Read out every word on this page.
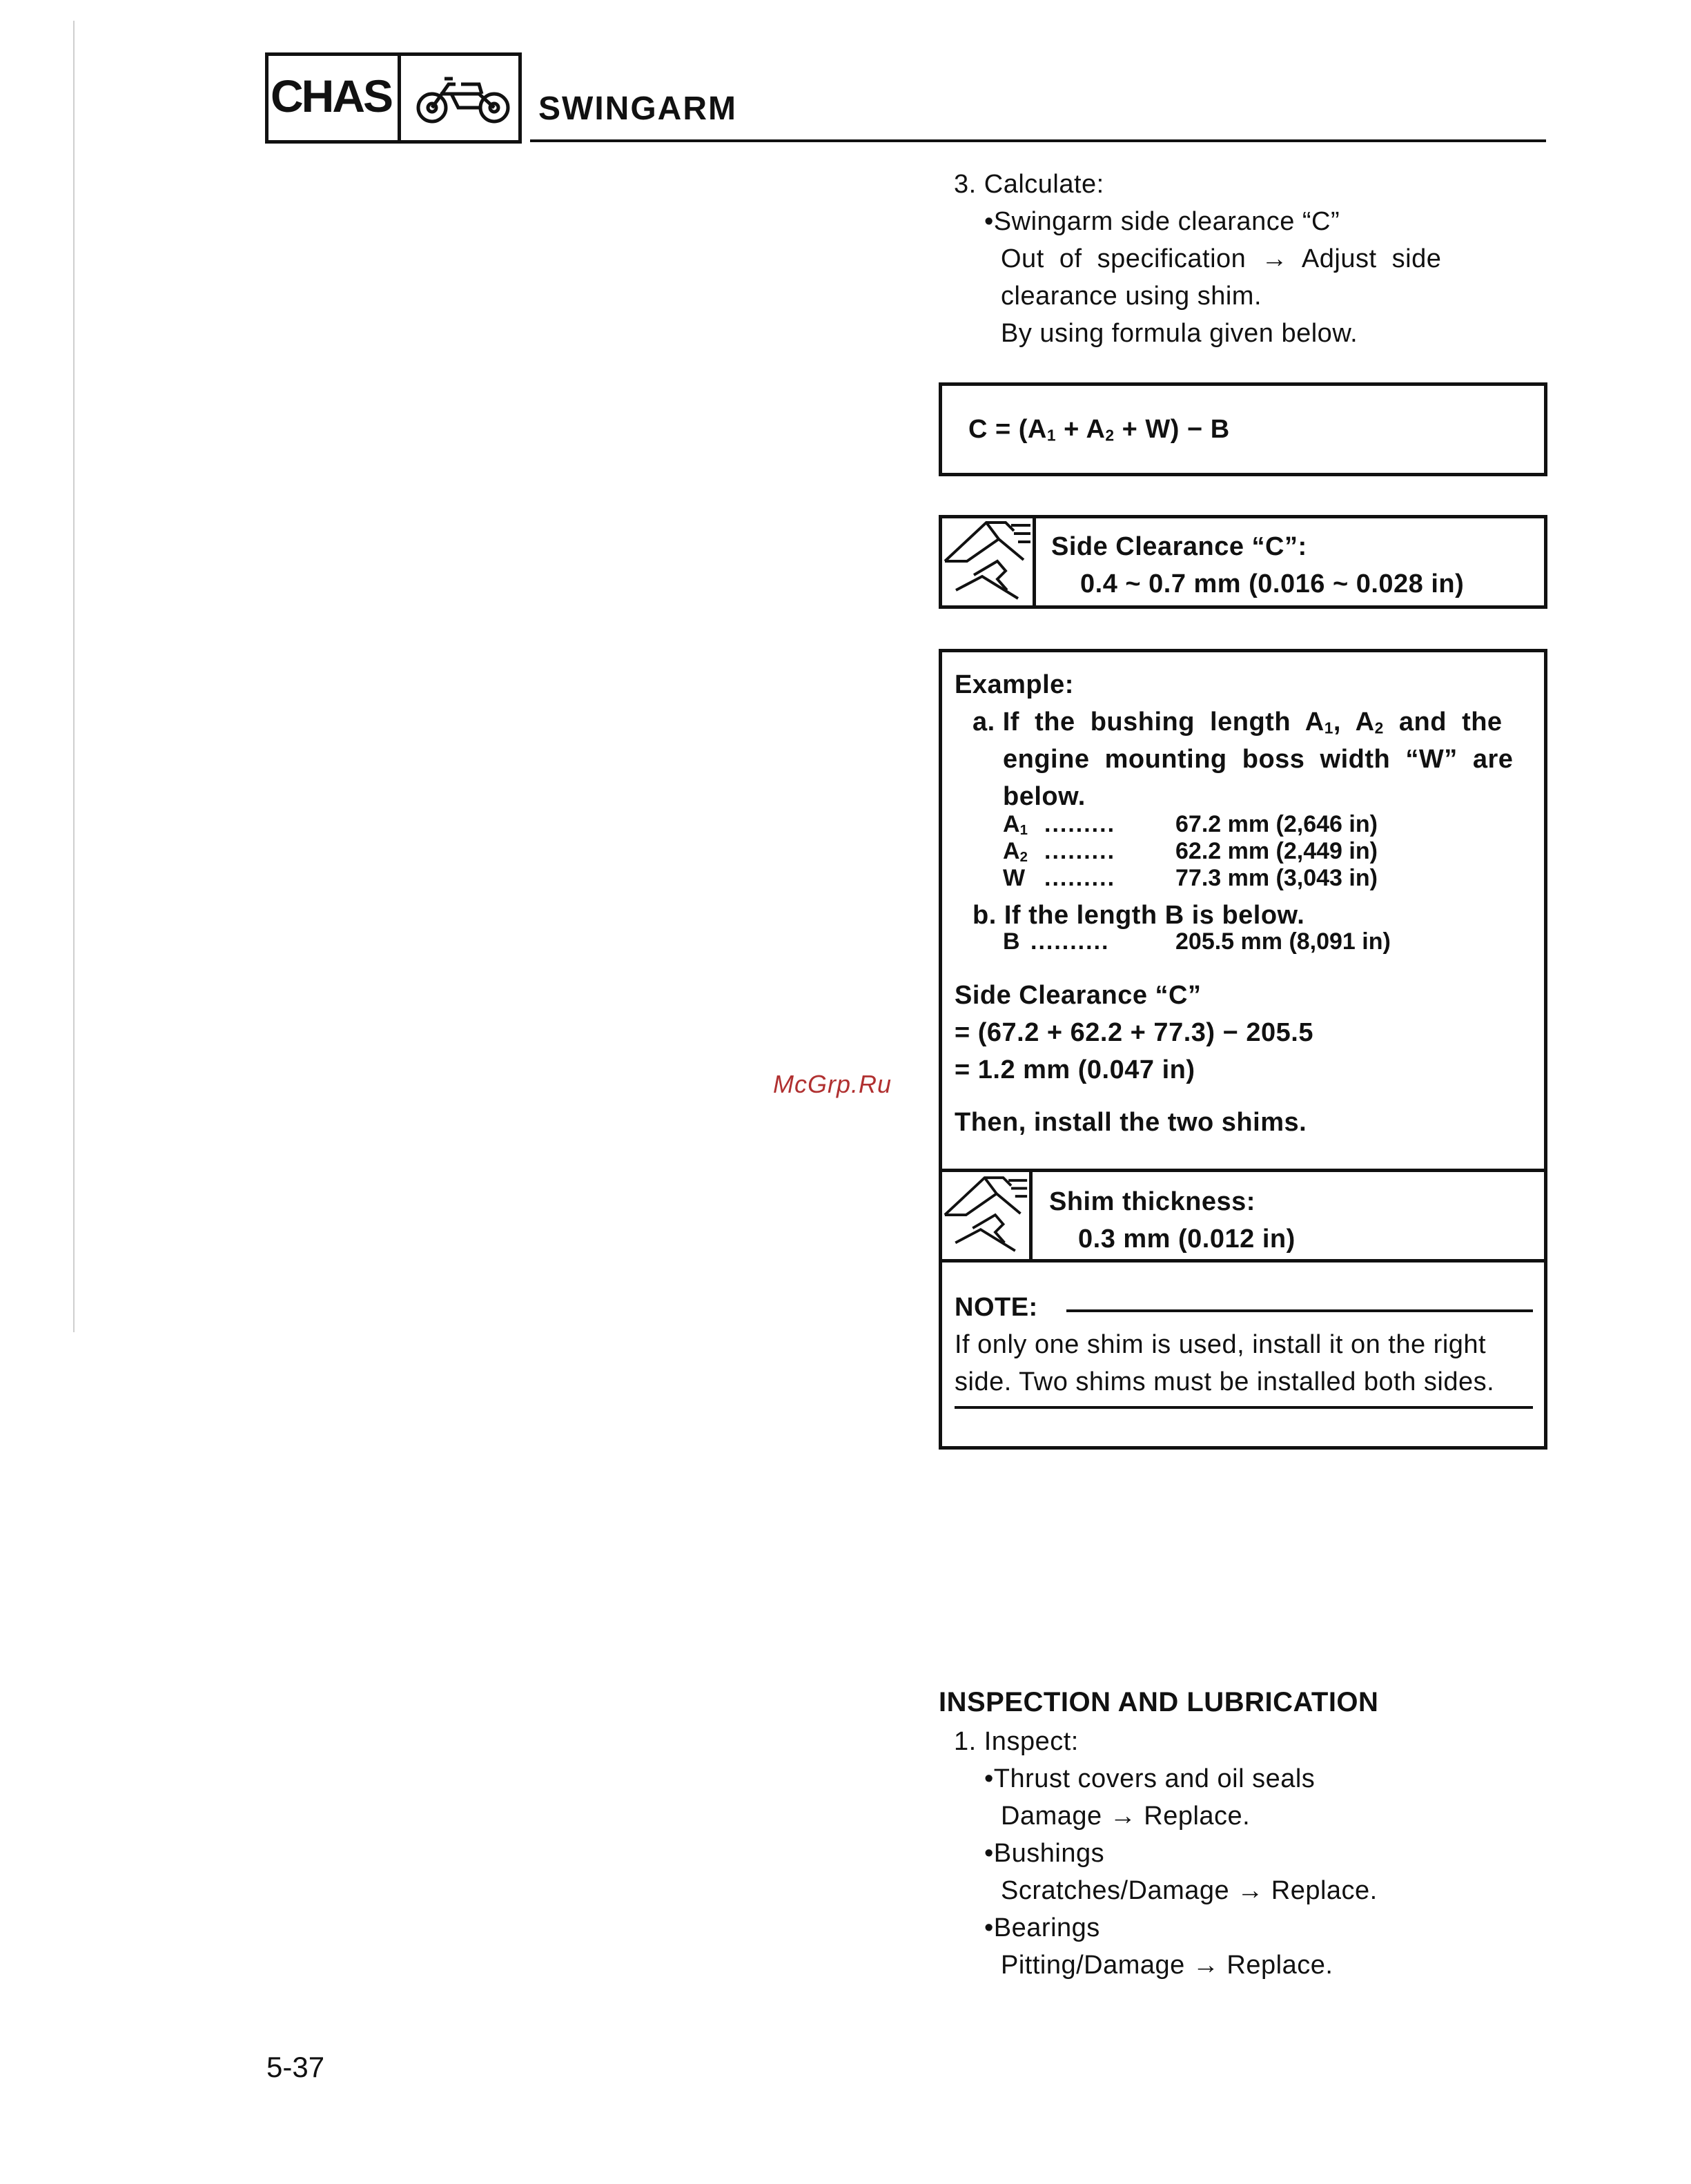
CHAS	SWINGARM
3. Calculate:
•Swingarm side clearance “C”
Out  of  specification  →  Adjust  side
clearance using shim.
By using formula given below.
$C = (A_1 + A_2 + W) - B$
Side Clearance “C”:
0.4 ~ 0.7 mm (0.016 ~ 0.028 in)
Example:
a. If  the  bushing  length  $A_1$,  $A_2$  and  the
engine  mounting  boss  width  “W”  are
below.
$A_1$ .........	67.2 mm (2,646 in)
$A_2$ .........	62.2 mm (2,449 in)
W .........	77.3 mm (3,043 in)
b. If the length B is below.
B ..........	205.5 mm (8,091 in)
Side Clearance “C”
= (67.2 + 62.2 + 77.3) − 205.5
= 1.2 mm (0.047 in)
Then, install the two shims.
Shim thickness:
0.3 mm (0.012 in)
NOTE:
If only one shim is used, install it on the right
side. Two shims must be installed both sides.
McGrp.Ru
INSPECTION AND LUBRICATION
1. Inspect:
•Thrust covers and oil seals
Damage → Replace.
•Bushings
Scratches/Damage → Replace.
•Bearings
Pitting/Damage → Replace.
5-37
